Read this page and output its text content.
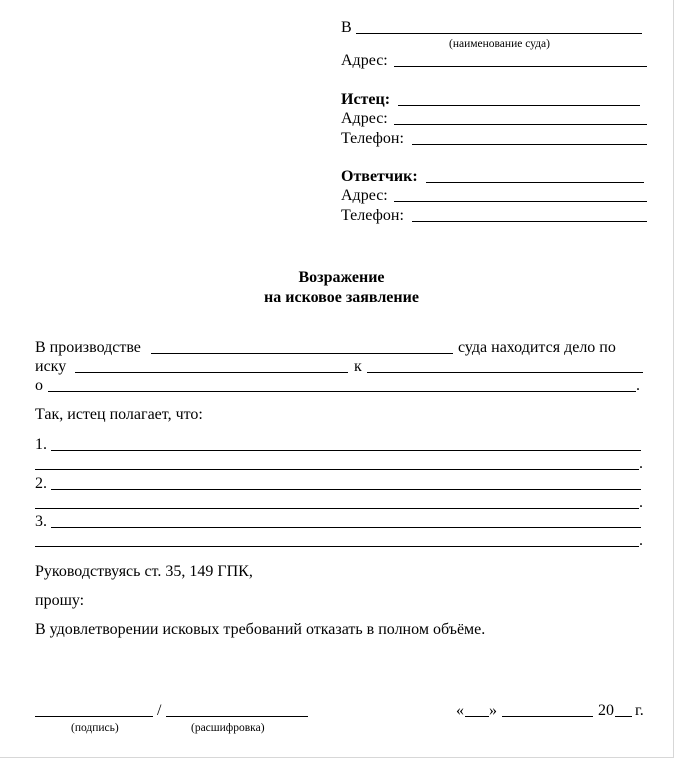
В
(наименование суда)
Адрес:
Истец:
Адрес:
Телефон:
Ответчик:
Адрес:
Телефон:
Возражение
на исковое заявление
В производстве	суда находится дело по
иску	к
о	.
Так, истец полагает, что:
1.
.
2.
.
3.
.
Руководствуясь ст. 35, 149 ГПК,
прошу:
В удовлетворении исковых требований отказать в полном объёме.
/
(подпись)	(расшифровка)
« »	20 г.
